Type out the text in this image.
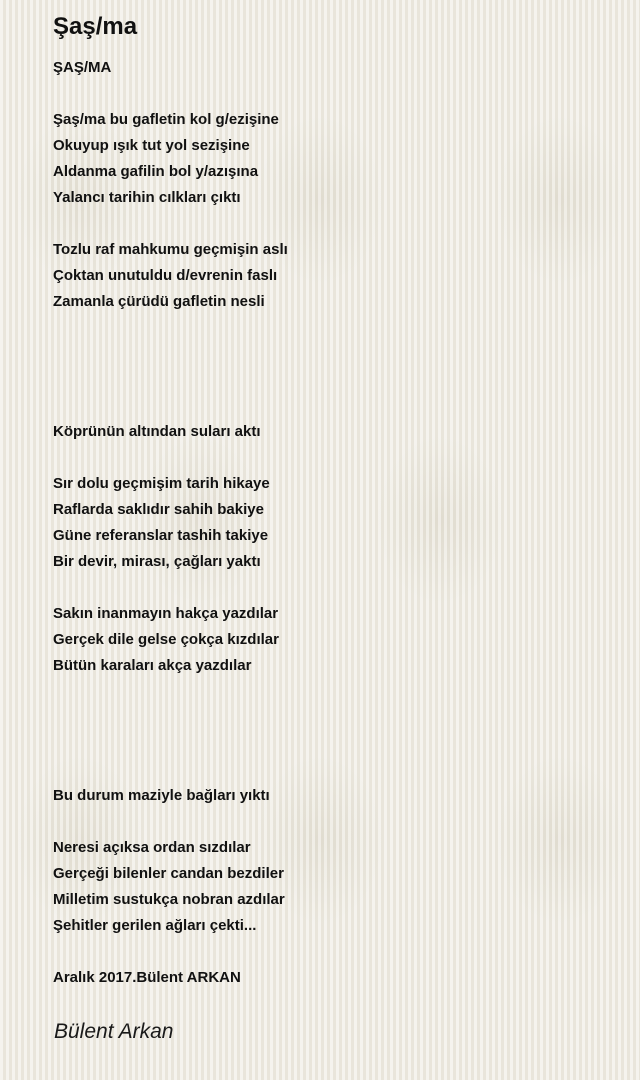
Şaş/ma
ŞAŞ/MA
Şaş/ma bu gafletin kol g/ezişine
Okuyup ışık tut yol sezişine
Aldanma gafilin bol y/azışına
Yalancı tarihin cılkları çıktı
Tozlu raf mahkumu geçmişin aslı
Çoktan unutuldu d/evrenin faslı
Zamanla çürüdü gafletin nesli
Köprünün altından suları aktı
Sır dolu geçmişim tarih hikaye
Raflarda saklıdır sahih bakiye
Güne referanslar tashih takiye
Bir devir, mirası, çağları yaktı
Sakın inanmayın hakça yazdılar
Gerçek dile gelse çokça kızdılar
Bütün karaları akça yazdılar
Bu durum maziyle bağları yıktı
Neresi açıksa ordan sızdılar
Gerçeği bilenler candan bezdiler
Milletim sustukça nobran azdılar
Şehitler gerilen ağları çekti...
Aralık 2017.Bülent ARKAN
Bülent Arkan
